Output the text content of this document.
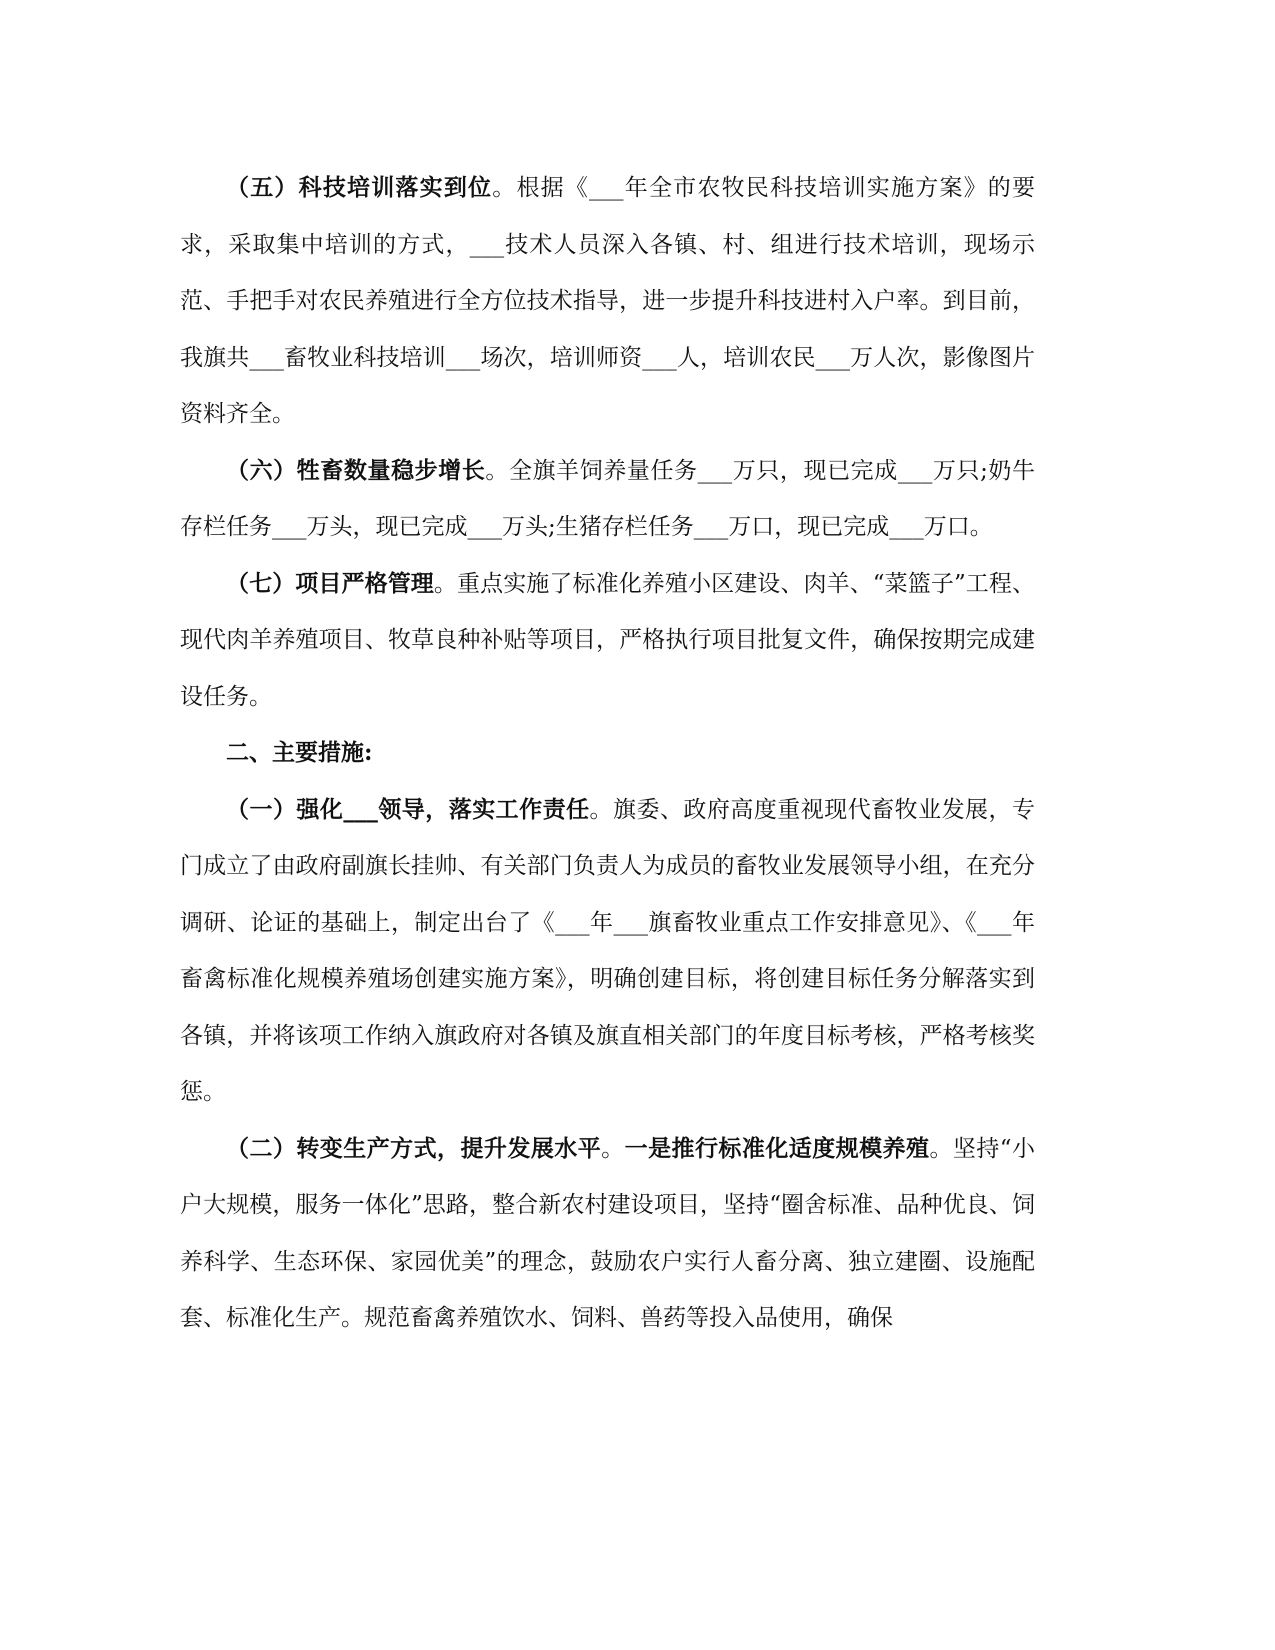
（五）科技培训落实到位。根据《___年全市农牧民科技培训实施方案》的要求，采取集中培训的方式，___技术人员深入各镇、村、组进行技术培训，现场示范、手把手对农民养殖进行全方位技术指导，进一步提升科技进村入户率。到目前，我旗共___畜牧业科技培训___场次，培训师资___人，培训农民___万人次，影像图片资料齐全。

（六）牲畜数量稳步增长。全旗羊饲养量任务___万只，现已完成___万只;奶牛存栏任务___万头，现已完成___万头;生猪存栏任务___万口，现已完成___万口。

（七）项目严格管理。重点实施了标准化养殖小区建设、肉羊、“菜篮子”工程、现代肉羊养殖项目、牧草良种补贴等项目，严格执行项目批复文件，确保按期完成建设任务。

二、主要措施:

（一）强化___领导，落实工作责任。旗委、政府高度重视现代畜牧业发展，专门成立了由政府副旗长挂帅、有关部门负责人为成员的畜牧业发展领导小组，在充分调研、论证的基础上，制定出台了《___年___旗畜牧业重点工作安排意见》、《___年畜禽标准化规模养殖场创建实施方案》，明确创建目标，将创建目标任务分解落实到各镇，并将该项工作纳入旗政府对各镇及旗直相关部门的年度目标考核，严格考核奖惩。

（二）转变生产方式，提升发展水平。一是推行标准化适度规模养殖。坚持“小户大规模，服务一体化”思路，整合新农村建设项目，坚持“圈舍标准、品种优良、饲养科学、生态环保、家园优美”的理念，鼓励农户实行人畜分离、独立建圈、设施配套、标准化生产。规范畜禽养殖饮水、饲料、兽药等投入品使用，确保
